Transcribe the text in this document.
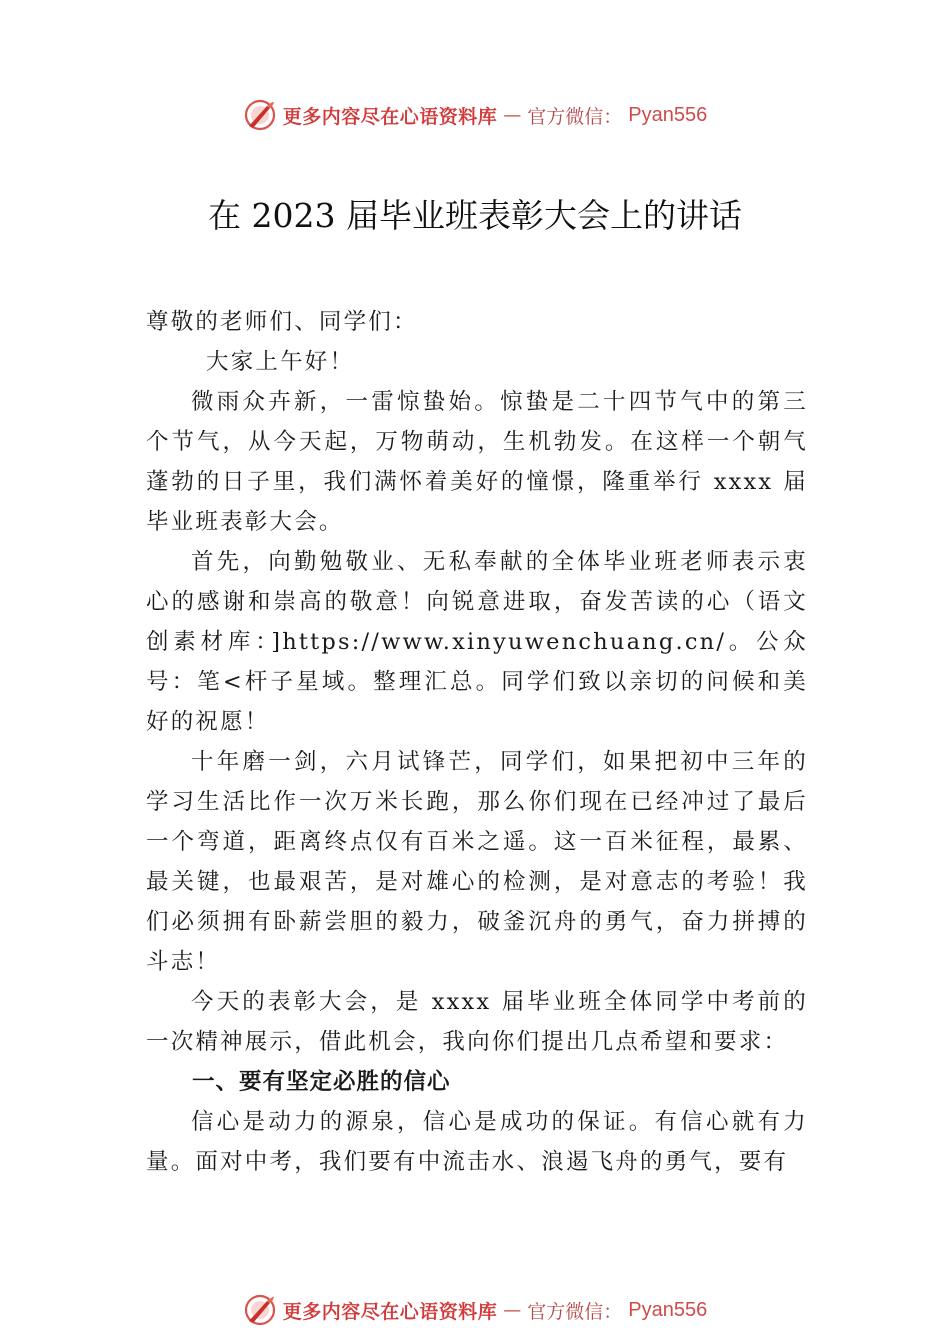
更多内容尽在心语资料库 — 官方微信： Pyan556
在 2023 届毕业班表彰大会上的讲话

尊敬的老师们、同学们：

大家上午好！

微雨众卉新，一雷惊蛰始。惊蛰是二十四节气中的第三个节气，从今天起，万物萌动，生机勃发。在这样一个朝气蓬勃的日子里，我们满怀着美好的憧憬，隆重举行 xxxx 届毕业班表彰大会。

首先，向勤勉敬业、无私奉献的全体毕业班老师表示衷心的感谢和崇高的敬意！向锐意进取，奋发苦读的心（语文创素材库：]https://www.xinyuwenchuang.cn/。公众号：笔<杆子星域。整理汇总。同学们致以亲切的问候和美好的祝愿！

十年磨一剑，六月试锋芒，同学们，如果把初中三年的学习生活比作一次万米长跑，那么你们现在已经冲过了最后一个弯道，距离终点仅有百米之遥。这一百米征程，最累、 最关键，也最艰苦，是对雄心的检测，是对意志的考验！我们必须拥有卧薪尝胆的毅力，破釜沉舟的勇气，奋力拼搏的斗志！

今天的表彰大会，是 xxxx 届毕业班全体同学中考前的一次精神展示，借此机会，我向你们提出几点希望和要求：

一、要有坚定必胜的信心

信心是动力的源泉，信心是成功的保证。有信心就有力量。面对中考，我们要有中流击水、浪遏飞舟的勇气，要有

更多内容尽在心语资料库 — 官方微信： Pyan556
